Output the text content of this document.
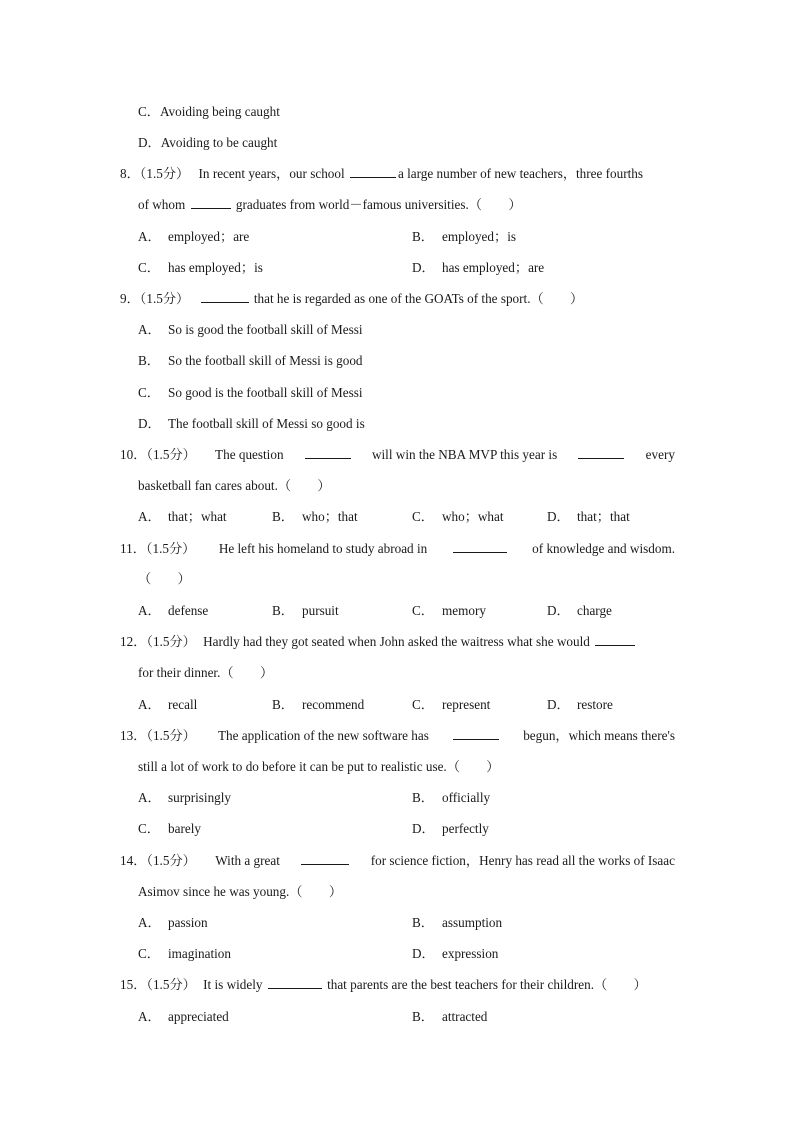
C．Avoiding being caught
D．Avoiding to be caught
8．（1.5分） In recent years，our school	a large number of new teachers，three fourths
of whom	graduates from world－famous universities.（　　）
A． employed；are	B． employed；is
C． has employed；is	D． has employed；are
9．（1.5分）	that he is regarded as one of the GOATs of the sport.（　　）
A． So is good the football skill of Messi
B． So the football skill of Messi is good
C． So good is the football skill of Messi
D． The football skill of Messi so good is
10．（1.5分） The question	will win the NBA MVP this year is	every
basketball fan cares about.（　　）
A． that；what	B． who；that	C． who；what	D． that；that
11．（1.5分） He left his homeland to study abroad in	of knowledge and wisdom.
（　　）
A． defense	B． pursuit	C． memory	D． charge
12．（1.5分） Hardly had they got seated when John asked the waitress what she would
for their dinner.（　　）
A． recall	B． recommend	C． represent	D． restore
13．（1.5分） The application of the new software has	begun，which means there's
still a lot of work to do before it can be put to realistic use.（　　）
A． surprisingly	B． officially
C． barely	D． perfectly
14．（1.5分） With a great	for science fiction，Henry has read all the works of Isaac
Asimov since he was young.（　　）
A． passion	B． assumption
C． imagination	D． expression
15．（1.5分） It is widely	that parents are the best teachers for their children.（　　）
A． appreciated	B． attracted
